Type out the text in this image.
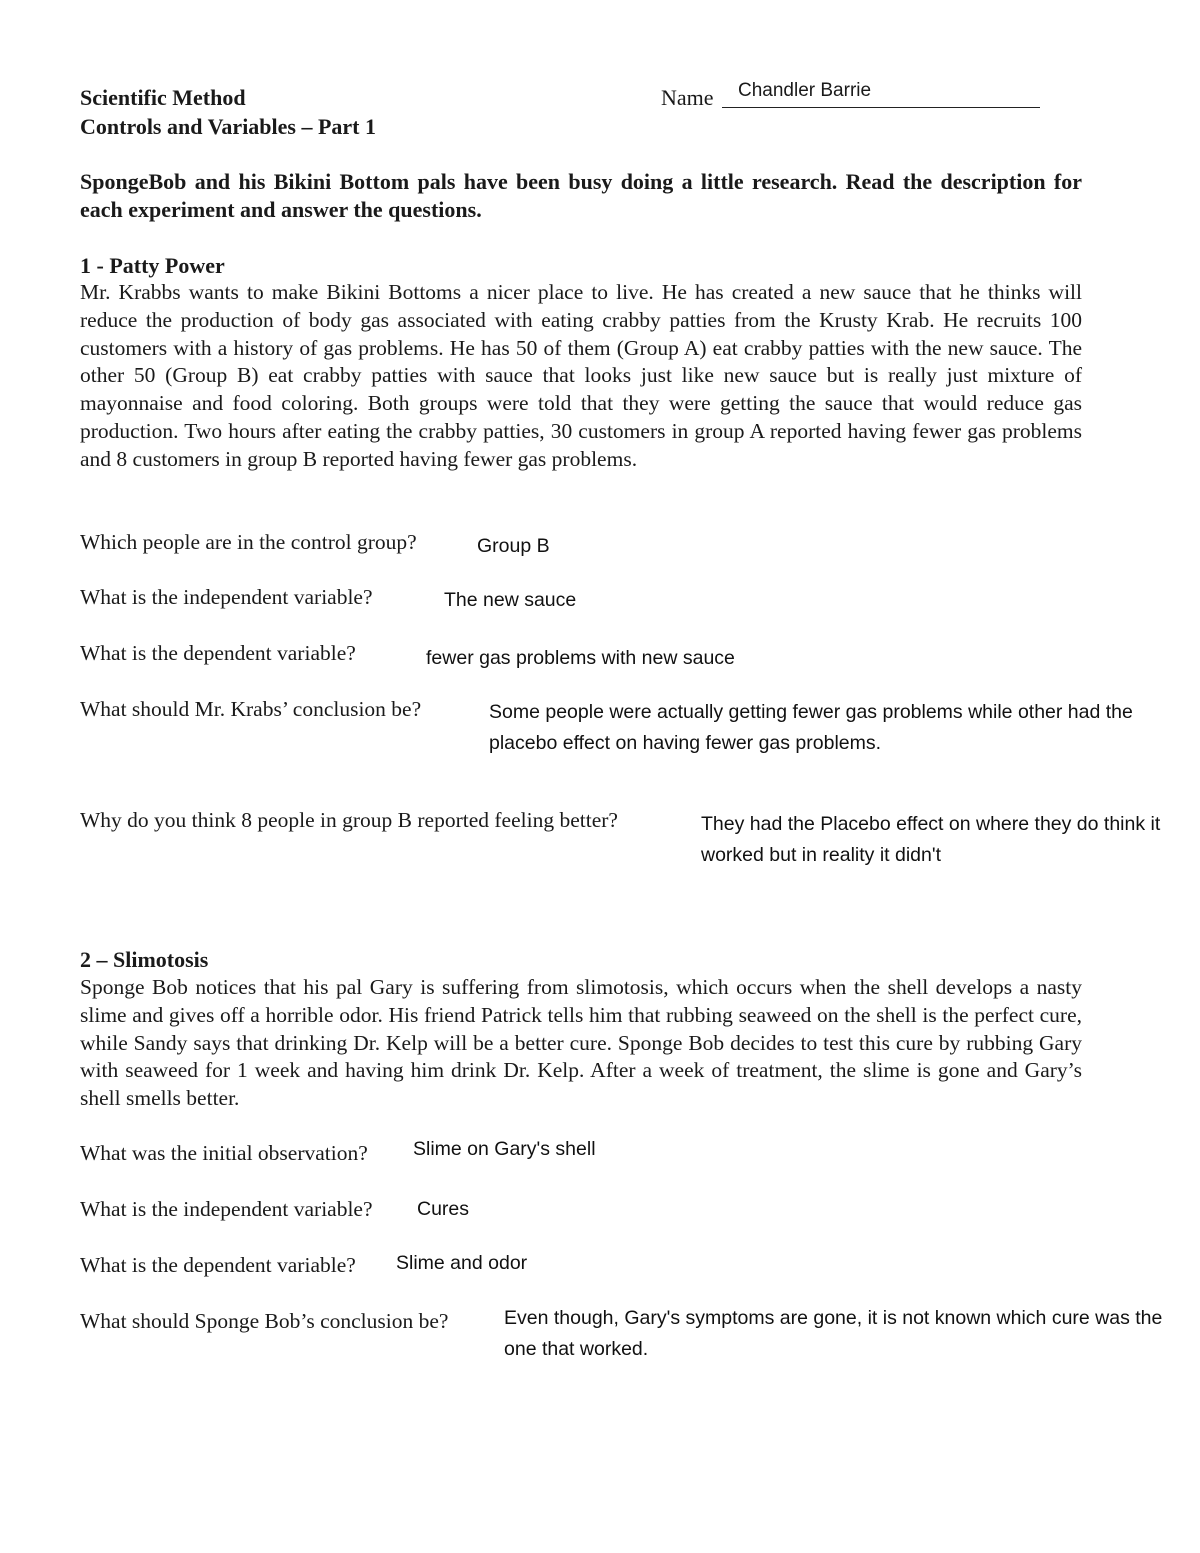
Scientific Method
Controls and Variables – Part 1
Name Chandler Barrie
SpongeBob and his Bikini Bottom pals have been busy doing a little research. Read the description for each experiment and answer the questions.
1 - Patty Power
Mr. Krabbs wants to make Bikini Bottoms a nicer place to live. He has created a new sauce that he thinks will reduce the production of body gas associated with eating crabby patties from the Krusty Krab. He recruits 100 customers with a history of gas problems. He has 50 of them (Group A) eat crabby patties with the new sauce. The other 50 (Group B) eat crabby patties with sauce that looks just like new sauce but is really just mixture of mayonnaise and food coloring. Both groups were told that they were getting the sauce that would reduce gas production. Two hours after eating the crabby patties, 30 customers in group A reported having fewer gas problems and 8 customers in group B reported having fewer gas problems.
Which people are in the control group?	Group B
What is the independent variable?	The new sauce
What is the dependent variable?	fewer gas problems with new sauce
What should Mr. Krabs’ conclusion be?	Some people were actually getting fewer gas problems while other had the placebo effect on having fewer gas problems.
Why do you think 8 people in group B reported feeling better?	They had the Placebo effect on where they do think it worked but in reality it didn't
2 – Slimotosis
Sponge Bob notices that his pal Gary is suffering from slimotosis, which occurs when the shell develops a nasty slime and gives off a horrible odor. His friend Patrick tells him that rubbing seaweed on the shell is the perfect cure, while Sandy says that drinking Dr. Kelp will be a better cure. Sponge Bob decides to test this cure by rubbing Gary with seaweed for 1 week and having him drink Dr. Kelp. After a week of treatment, the slime is gone and Gary’s shell smells better.
What was the initial observation? Slime on Gary's shell
What is the independent variable? Cures
What is the dependent variable? Slime and odor
What should Sponge Bob’s conclusion be?	Even though, Gary's symptoms are gone, it is not known which cure was the one that worked.
